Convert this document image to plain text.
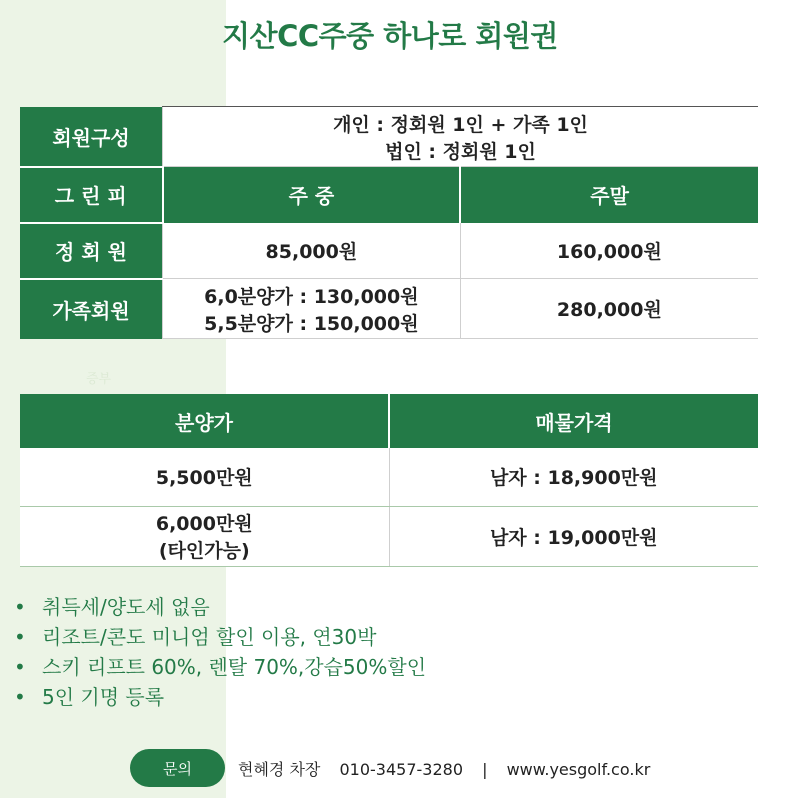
지산CC주중 하나로 회원권
회원구성	개인 : 정회원 1인 + 가족 1인
법인 : 정회원 1인	

그 린 피	주 중	주말
정 회 원	85,000원	160,000원
가족회원	6,0분양가 : 130,000원
5,5분양가 : 150,000원	280,000원
증부
분양가	매물가격
5,500만원	남자 : 18,900만원

6,000만원
(타인가능)	남자 : 19,000만원
• 취득세/양도세 없음
• 리조트/콘도 미니엄 할인 이용, 연30박
• 스키 리프트 60%, 렌탈 70%,강습50%할인
• 5인 기명 등록
문의	현혜경 차장 010-3457-3280 | www.yesgolf.co.kr
